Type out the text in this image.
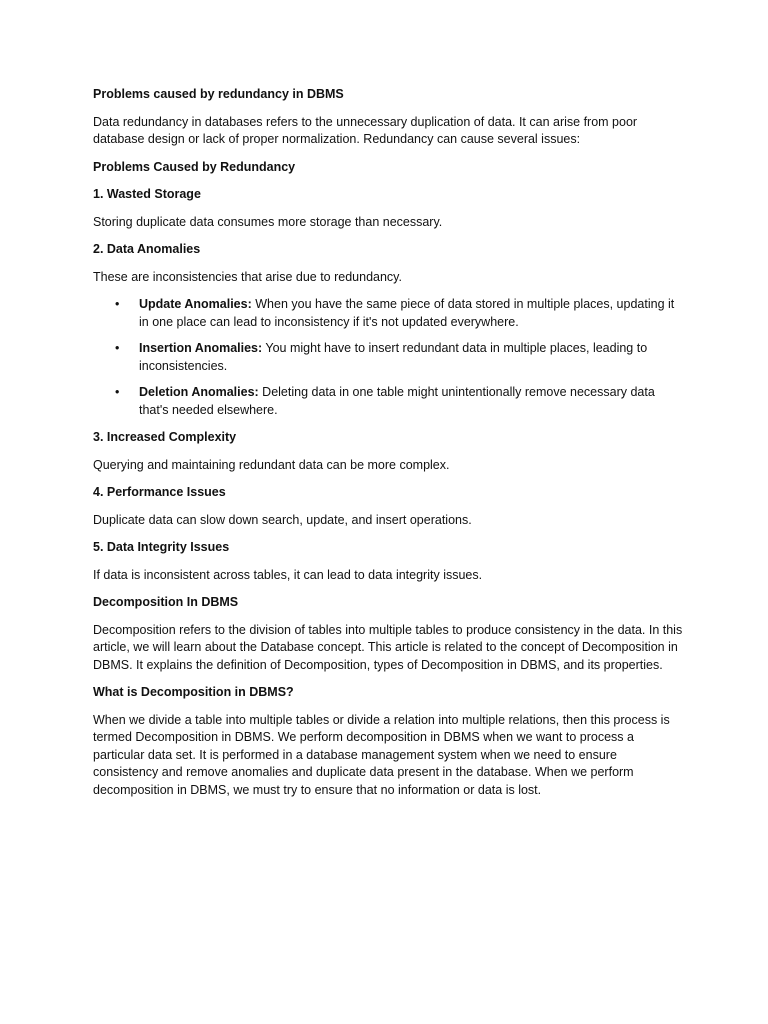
Problems caused by redundancy in DBMS
Data redundancy in databases refers to the unnecessary duplication of data. It can arise from poor database design or lack of proper normalization. Redundancy can cause several issues:
Problems Caused by Redundancy
1. Wasted Storage
Storing duplicate data consumes more storage than necessary.
2. Data Anomalies
These are inconsistencies that arise due to redundancy.
• Update Anomalies: When you have the same piece of data stored in multiple places, updating it in one place can lead to inconsistency if it's not updated everywhere.
• Insertion Anomalies: You might have to insert redundant data in multiple places, leading to inconsistencies.
• Deletion Anomalies: Deleting data in one table might unintentionally remove necessary data that's needed elsewhere.
3. Increased Complexity
Querying and maintaining redundant data can be more complex.
4. Performance Issues
Duplicate data can slow down search, update, and insert operations.
5. Data Integrity Issues
If data is inconsistent across tables, it can lead to data integrity issues.
Decomposition In DBMS
Decomposition refers to the division of tables into multiple tables to produce consistency in the data. In this article, we will learn about the Database concept. This article is related to the concept of Decomposition in DBMS. It explains the definition of Decomposition, types of Decomposition in DBMS, and its properties.
What is Decomposition in DBMS?
When we divide a table into multiple tables or divide a relation into multiple relations, then this process is termed Decomposition in DBMS. We perform decomposition in DBMS when we want to process a particular data set. It is performed in a database management system when we need to ensure consistency and remove anomalies and duplicate data present in the database. When we perform decomposition in DBMS, we must try to ensure that no information or data is lost.
